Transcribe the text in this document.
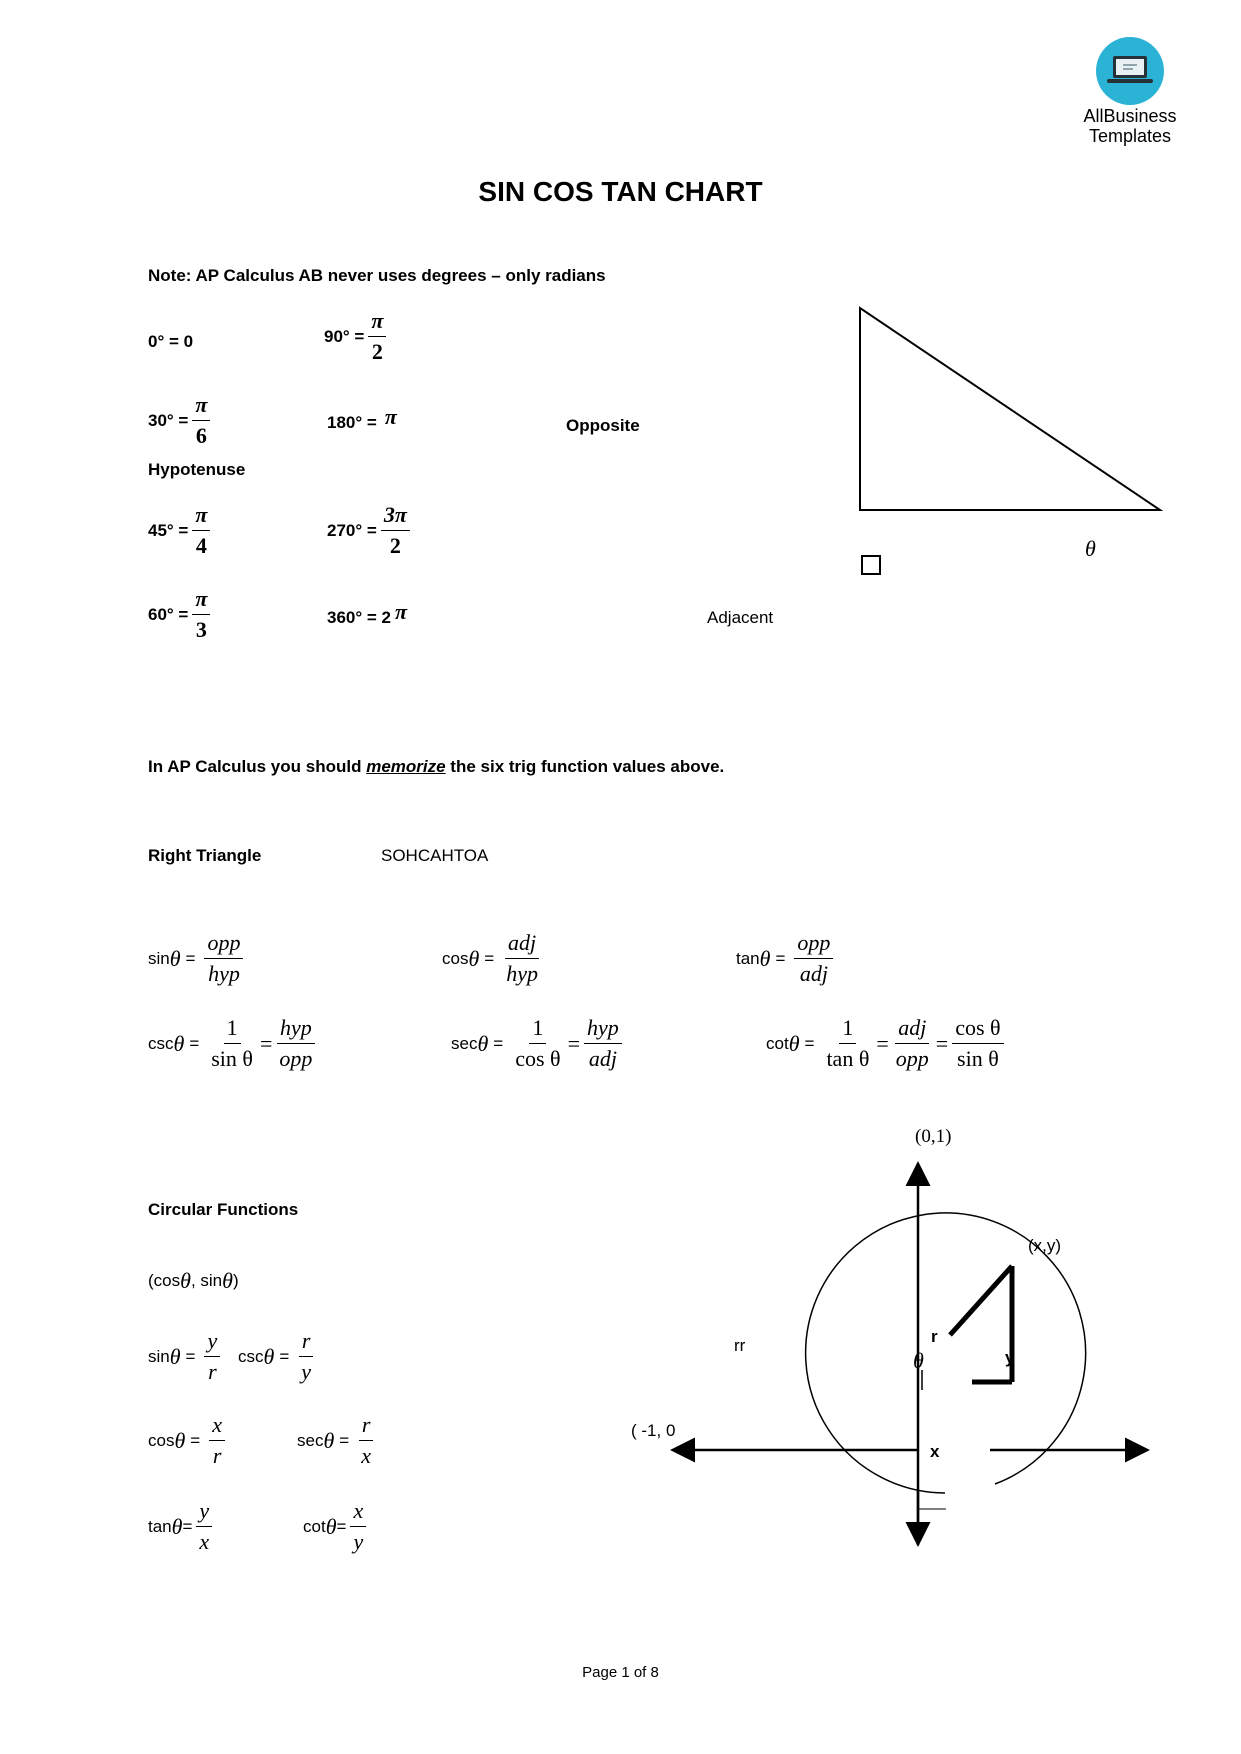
AllBusiness
Templates
SIN COS TAN CHART
Note: AP Calculus AB never uses degrees – only radians
0° = 0	$90^\circ = \frac{\pi}{2}$
$30^\circ = \frac{\pi}{6}$	180° = π	Opposite
Hypotenuse
$45^\circ = \frac{\pi}{4}$	$270^\circ = \frac{3\pi}{2}$
$60^\circ = \frac{\pi}{3}$	360° = 2 π
θ
Adjacent
In AP Calculus you should memorize the six trig function values above.
Right Triangle	SOHCAHTOA
$\sin \theta = \frac{\text{opp}}{\text{hyp}}$	$\cos \theta = \frac{\text{adj}}{\text{hyp}}$	$\tan \theta = \frac{\text{opp}}{\text{adj}}$
$\csc \theta = \frac{1}{\text{sin θ}} = \frac{\text{hyp}}{\text{opp}}$	$\sec \theta = \frac{1}{\text{cos θ}} = \frac{\text{hyp}}{\text{adj}}$	$\cot \theta = \frac{1}{\text{tan θ}} = \frac{\text{adj}}{\text{opp}} = \frac{\text{cos θ}}{\text{sin θ}}$
Circular Functions
(cos θ , sin θ )
$\sin \theta = \frac{y}{r}$ $\csc \theta = \frac{r}{y}$
$\cos \theta = \frac{x}{r}$	$\sec \theta = \frac{r}{x}$
$\tan \theta = \frac{y}{x}$	$\cot \theta = \frac{x}{y}$
(0,1)
(x,y)
( -1, 0
rr	r
θ	y
x
Page 1 of 8
